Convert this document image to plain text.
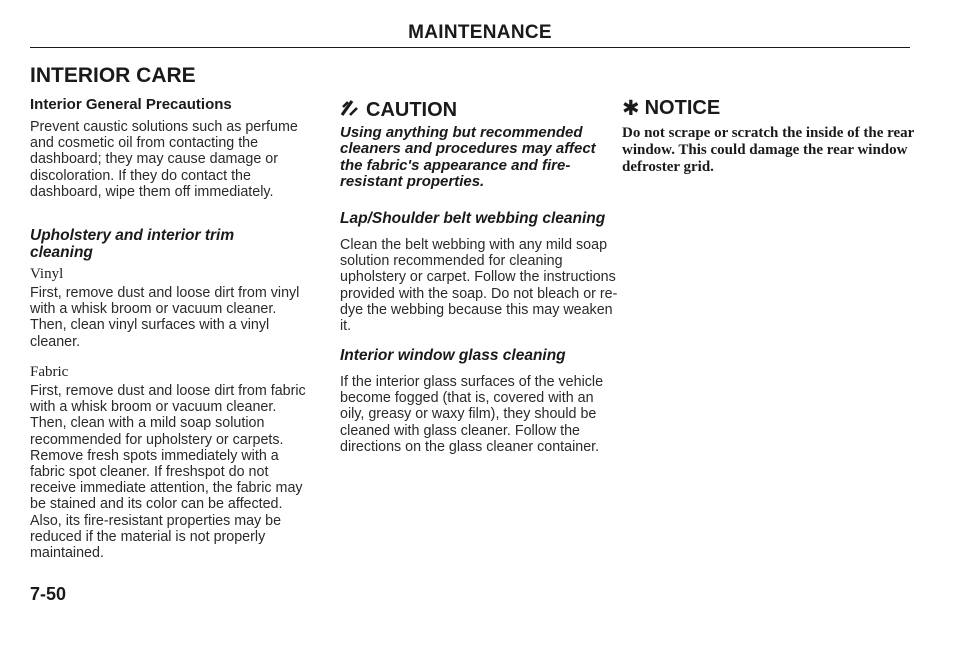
MAINTENANCE
INTERIOR CARE
Interior General Precautions

Prevent caustic solutions such as perfume and cosmetic oil from contacting the dashboard; they may cause damage or discoloration. If they do contact the dashboard, wipe them off immediately.

Upholstery and interior trim cleaning

Vinyl

First, remove dust and loose dirt from vinyl with a whisk broom or vacuum cleaner. Then, clean vinyl surfaces with a vinyl cleaner.

Fabric

First, remove dust and loose dirt from fabric with a whisk broom or vacuum cleaner. Then, clean with a mild soap solution recommended for upholstery or carpets. Remove fresh spots immediately with a fabric spot cleaner. If freshspot do not receive immediate attention, the fabric may be stained and its color can be affected. Also, its fire-resistant properties may be reduced if the material is not properly maintained.

7-50
CAUTION

Using anything but recommended cleaners and procedures may affect the fabric's appearance and fire-resistant properties.

Lap/Shoulder belt webbing cleaning

Clean the belt webbing with any mild soap solution recommended for cleaning upholstery or carpet. Follow the instructions provided with the soap. Do not bleach or re-dye the webbing because this may weaken it.

Interior window glass cleaning

If the interior glass surfaces of the vehicle become fogged (that is, covered with an oily, greasy or waxy film), they should be cleaned with glass cleaner. Follow the directions on the glass cleaner container.

✱ NOTICE

Do not scrape or scratch the inside of the rear window. This could damage the rear window defroster grid.
